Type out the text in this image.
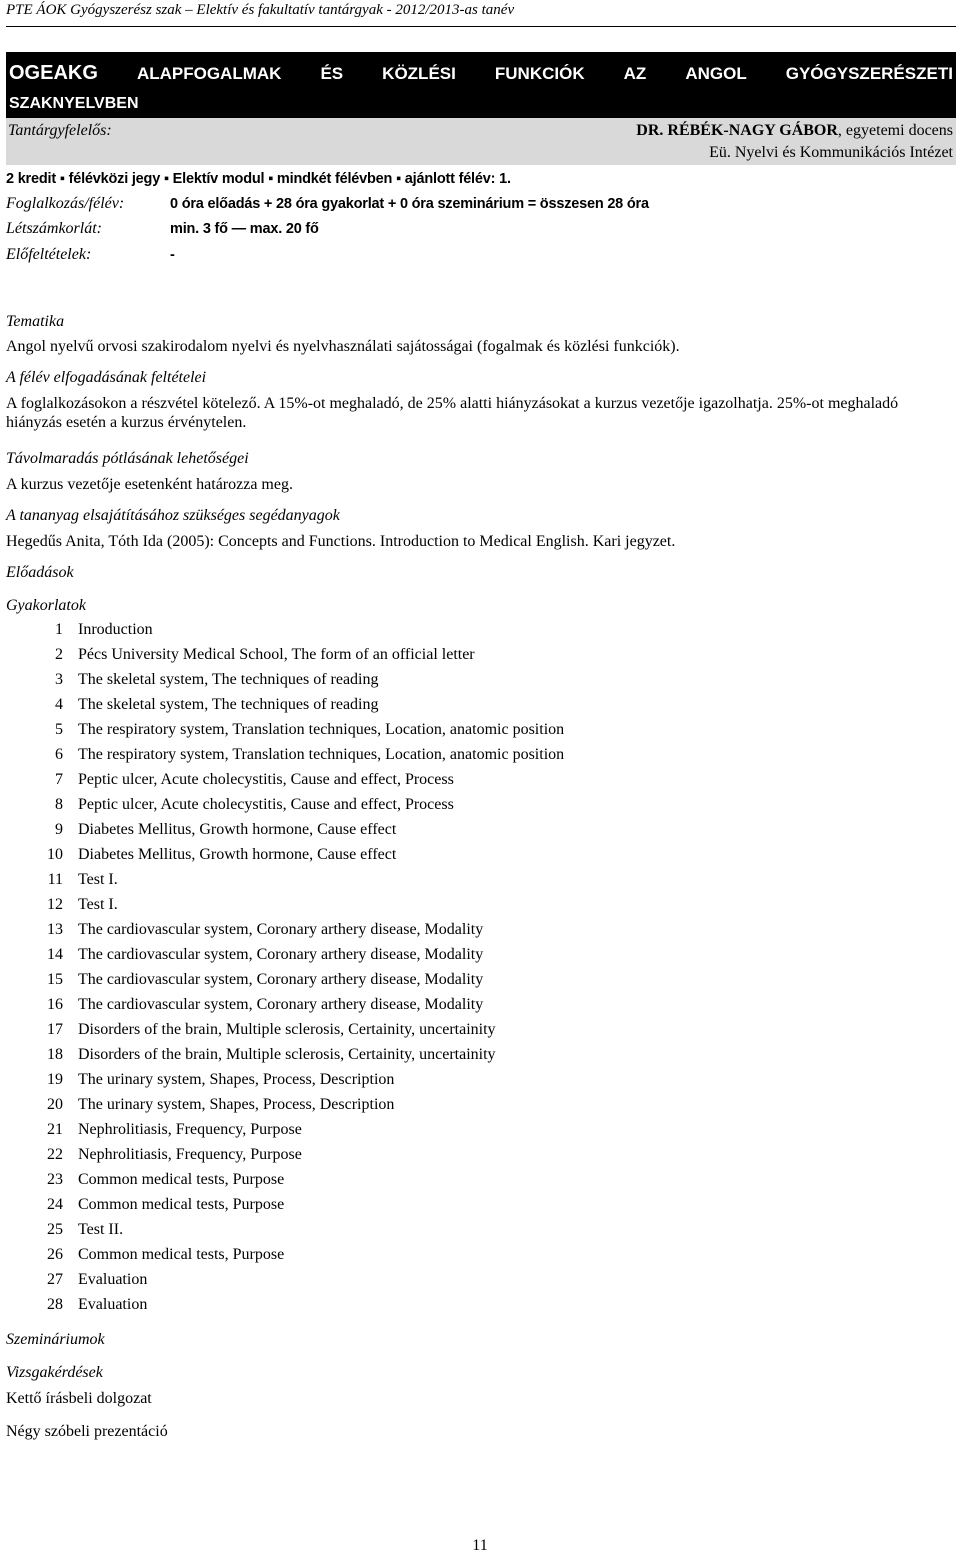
PTE ÁOK Gyógyszerész szak – Elektív és fakultatív tantárgyak - 2012/2013-as tanév
OGEAKG ALAPFOGALMAK ÉS KÖZLÉSI FUNKCIÓK AZ ANGOL GYÓGYSZERÉSZETI
SZAKNYELVBEN
Tantárgyfelelős:	DR. RÉBÉK-NAGY GÁBOR, egyetemi docens
Eü. Nyelvi és Kommunikációs Intézet
2 kredit ▪ félévközi jegy ▪ Elektív modul ▪ mindkét félévben ▪ ajánlott félév: 1.
Foglalkozás/félév:	0 óra előadás + 28 óra gyakorlat + 0 óra szeminárium = összesen 28 óra
Létszámkorlát:	min. 3 fő — max. 20 fő
Előfeltételek:	-
Tematika
Angol nyelvű orvosi szakirodalom nyelvi és nyelvhasználati sajátosságai (fogalmak és közlési funkciók).
A félév elfogadásának feltételei
A foglalkozásokon a részvétel kötelező. A 15%-ot meghaladó, de 25% alatti hiányzásokat a kurzus vezetője igazolhatja. 25%-ot meghaladó hiányzás esetén a kurzus érvénytelen.
Távolmaradás pótlásának lehetőségei
A kurzus vezetője esetenként határozza meg.
A tananyag elsajátításához szükséges segédanyagok
Hegedűs Anita, Tóth Ida (2005): Concepts and Functions. Introduction to Medical English. Kari jegyzet.
Előadások
Gyakorlatok
1 Inroduction
2 Pécs University Medical School, The form of an official letter
3 The skeletal system, The techniques of reading
4 The skeletal system, The techniques of reading
5 The respiratory system, Translation techniques, Location, anatomic position
6 The respiratory system, Translation techniques, Location, anatomic position
7 Peptic ulcer, Acute cholecystitis, Cause and effect, Process
8 Peptic ulcer, Acute cholecystitis, Cause and effect, Process
9 Diabetes Mellitus, Growth hormone, Cause effect
10 Diabetes Mellitus, Growth hormone, Cause effect
11 Test I.
12 Test I.
13 The cardiovascular system, Coronary arthery disease, Modality
14 The cardiovascular system, Coronary arthery disease, Modality
15 The cardiovascular system, Coronary arthery disease, Modality
16 The cardiovascular system, Coronary arthery disease, Modality
17 Disorders of the brain, Multiple sclerosis, Certainity, uncertainity
18 Disorders of the brain, Multiple sclerosis, Certainity, uncertainity
19 The urinary system, Shapes, Process, Description
20 The urinary system, Shapes, Process, Description
21 Nephrolitiasis, Frequency, Purpose
22 Nephrolitiasis, Frequency, Purpose
23 Common medical tests, Purpose
24 Common medical tests, Purpose
25 Test II.
26 Common medical tests, Purpose
27 Evaluation
28 Evaluation
Szemináriumok
Vizsgakérdések
Kettő írásbeli dolgozat
Négy szóbeli prezentáció
11
